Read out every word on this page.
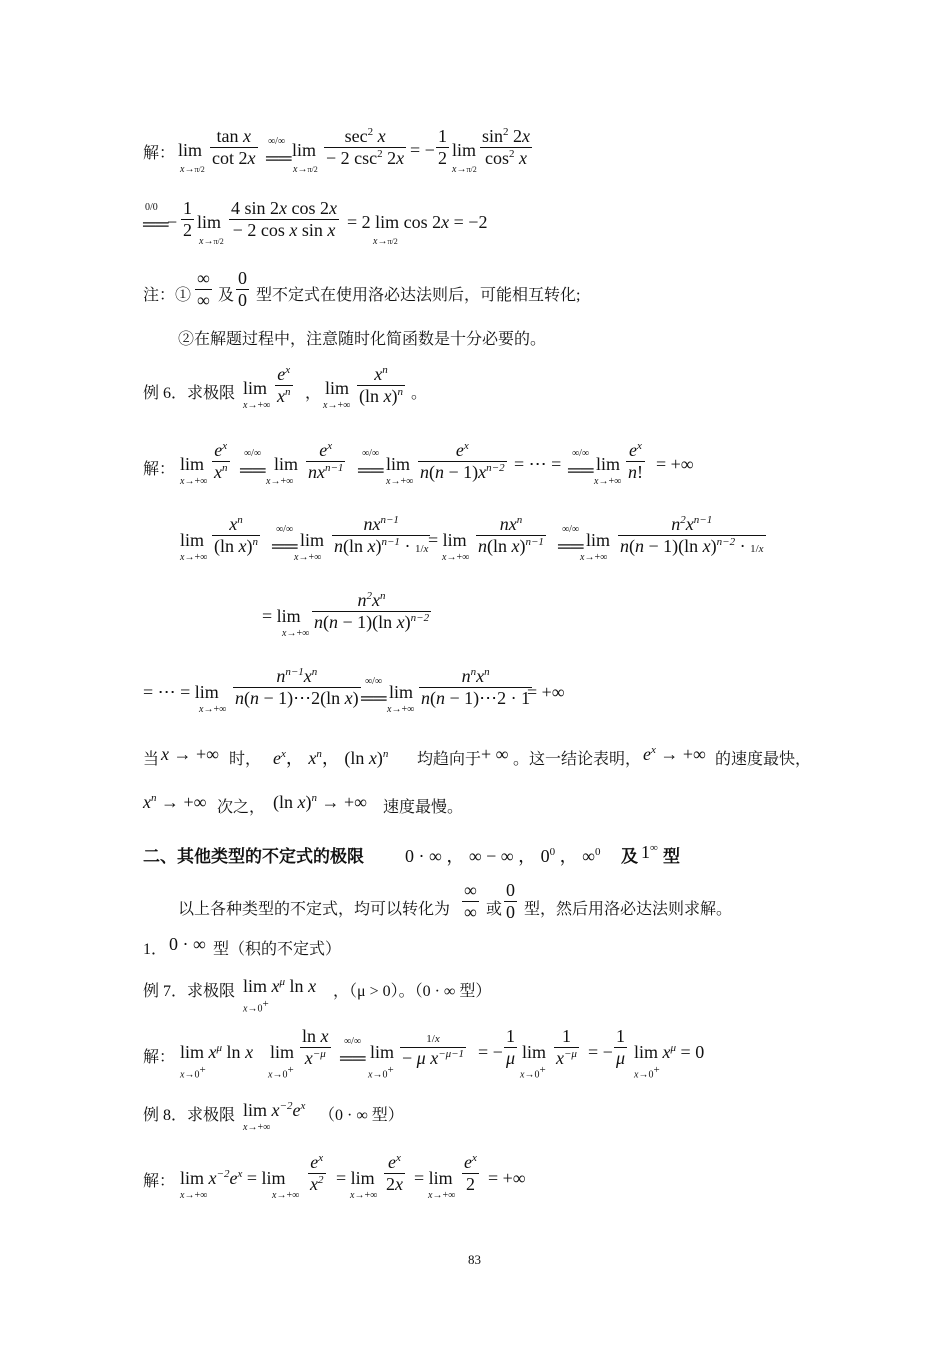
解： lim
x→π/2
tan x
cot 2x
∞/∞
══ lim
x→π/2
$\sec^2 x$
− 2 $\csc^2 2x$ = −
1
2 lim
x→π/2
$\sin^2 2x$
$\cos^2 x$
0/0
══
−
1
2 lim
x→π/2
4 sin 2x cos 2x
− 2 cos x sin x = 2 lim cos 2x = −2
x→π/2
注：①
∞
∞ 及
0
0 型不定式在使用洛必达法则后，可能相互转化;
②在解题过程中，注意随时化简函数是十分必要的。
例 6．求极限 lim
x→+∞
$e^x$
$x^n$ ， lim
x→+∞
$x^n$
(ln x)$^n$ 。
解： lim
x→+∞
$e^x$
$x^n$
∞/∞
══ lim
x→+∞
$e^x$
$nx^{n-1}$
∞/∞
══ lim
x→+∞
$e^x$
$n(n - 1)x^{n-2}$ = ⋯ =
∞/∞
══ lim
x→+∞
$e^x$
n! = +∞
lim
x→+∞
$x^n$
(ln x)$^n$
∞/∞
══ lim
x→+∞
$nx^{n-1}$
n(ln x)$^{n-1}$ · 1/x = lim
x→+∞
$nx^n$
n(ln x)$^{n-1}$
∞/∞
══ lim
x→+∞
$n^2x^{n-1}$
n(n − 1)(ln x)$^{n-2}$ · 1/x
= lim
x→+∞
$n^2x^n$
n(n − 1)(ln x)$^{n-2}$
= ⋯ = lim
x→+∞
$n^{n-1}x^n$
n(n − 1)⋯2(ln x)
∞/∞
══ lim
x→+∞
$n^nx^n$
n(n − 1)⋯2 · 1
= +∞
当 x → +∞ 时， $e^x$， $x^n$， (ln x)$^n$ 均趋向于 + ∞ 。这一结论表明， $e^x$ → +∞ 的速度最快，
$x^n$ → +∞ 次之， (ln x)$^n$ → +∞ 速度最慢。
二、其他类型的不定式的极限 0 · ∞ ， ∞ − ∞ ， $0^0$ ， ∞$^0$ 及 1∞ 型
以上各种类型的不定式，均可以转化为
∞
∞ 或
0
0 型，然后用洛必达法则求解。
1． 0 · ∞ 型（积的不定式）
例 7．求极限 $\lim x^\mu$ ln x
x→0+
，（μ > 0）。（0 · ∞ 型）
解： $\lim x^\mu$ ln x
x→0+
lim
x→0+
ln x
$x^{-\mu}$
∞/∞
══ lim
x→0+
1/x
− μ $x^{-\mu-1}$ = −
1
μ lim
x→0+
1
$x^{-\mu}$ = −
1
μ $\lim x^\mu = 0$
x→0+
例 8．求极限 $\lim x^{-2}e^x$
x→+∞
（0 · ∞ 型）
解： $\lim x^{-2}e^x = \lim$
x→+∞	x→+∞
$e^x$
$x^2 = \lim$
x→+∞
$e^x$
2x = lim
x→+∞
$e^x$
2 = +∞
83
